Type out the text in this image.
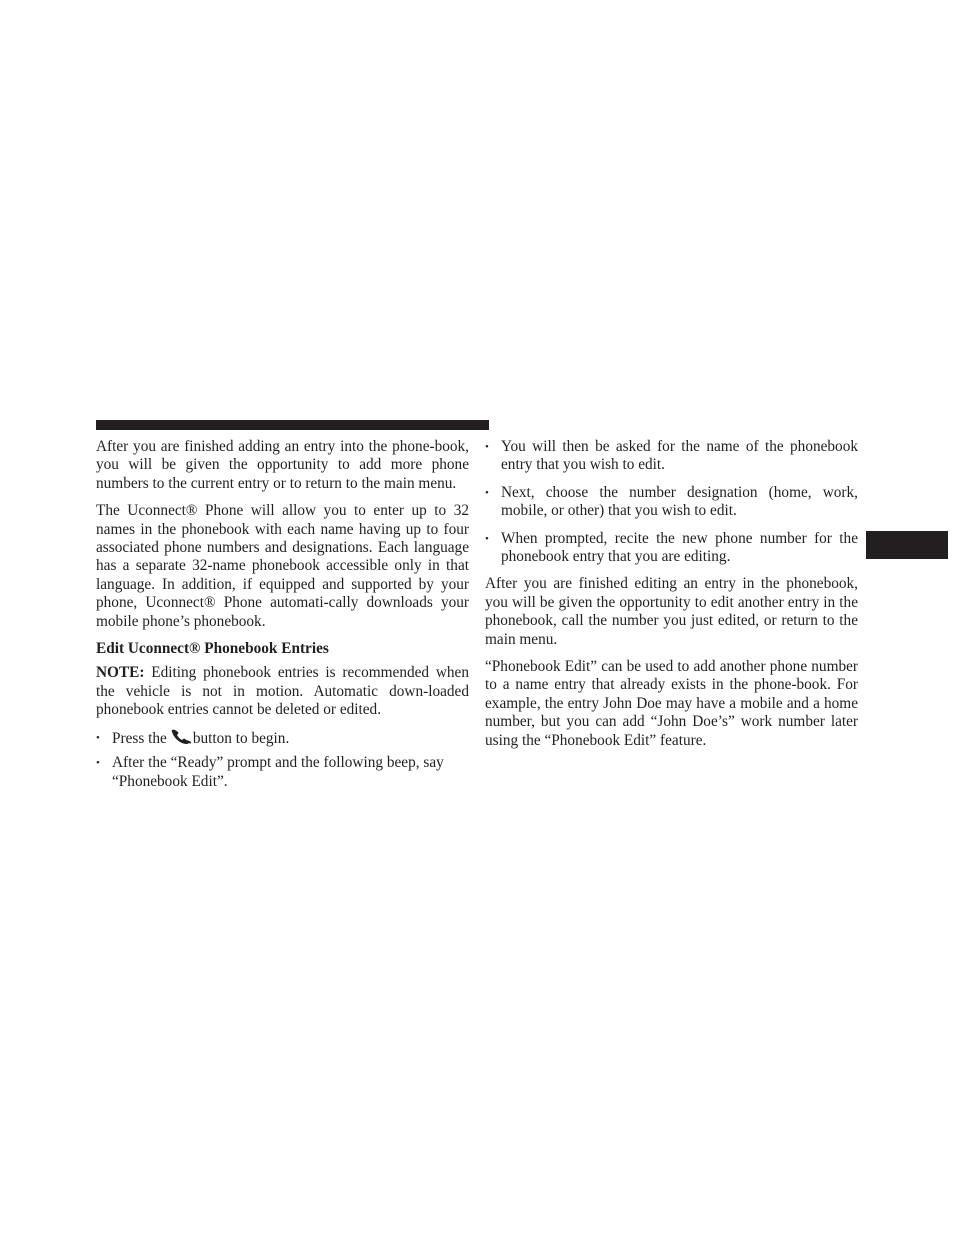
After you are finished adding an entry into the phone-book, you will be given the opportunity to add more phone numbers to the current entry or to return to the main menu.

The Uconnect® Phone will allow you to enter up to 32 names in the phonebook with each name having up to four associated phone numbers and designations. Each language has a separate 32-name phonebook accessible only in that language. In addition, if equipped and supported by your phone, Uconnect® Phone automati-cally downloads your mobile phone’s phonebook.

Edit Uconnect® Phonebook Entries

NOTE: Editing phonebook entries is recommended when the vehicle is not in motion. Automatic down-loaded phonebook entries cannot be deleted or edited.

• Press the button to begin.
• After the “Ready” prompt and the following beep, say “Phonebook Edit”.
• You will then be asked for the name of the phonebook entry that you wish to edit.
• Next, choose the number designation (home, work, mobile, or other) that you wish to edit.
• When prompted, recite the new phone number for the phonebook entry that you are editing.

After you are finished editing an entry in the phonebook, you will be given the opportunity to edit another entry in the phonebook, call the number you just edited, or return to the main menu.

“Phonebook Edit” can be used to add another phone number to a name entry that already exists in the phone-book. For example, the entry John Doe may have a mobile and a home number, but you can add “John Doe’s” work number later using the “Phonebook Edit” feature.
